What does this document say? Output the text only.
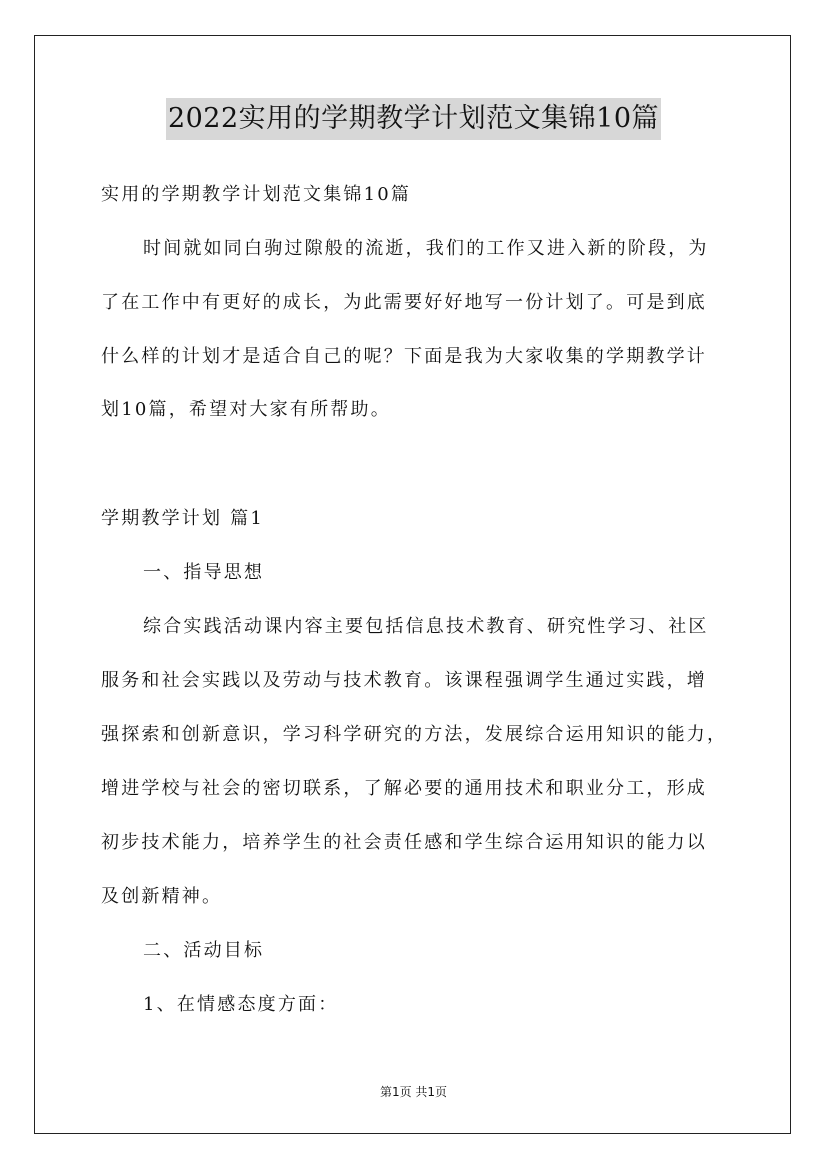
2022实用的学期教学计划范文集锦10篇
实用的学期教学计划范文集锦10篇
时间就如同白驹过隙般的流逝，我们的工作又进入新的阶段，为
了在工作中有更好的成长，为此需要好好地写一份计划了。可是到底
什么样的计划才是适合自己的呢？下面是我为大家收集的学期教学计
划10篇，希望对大家有所帮助。
学期教学计划 篇1
一、指导思想
综合实践活动课内容主要包括信息技术教育、研究性学习、社区
服务和社会实践以及劳动与技术教育。该课程强调学生通过实践，增
强探索和创新意识，学习科学研究的方法，发展综合运用知识的能力，
增进学校与社会的密切联系，了解必要的通用技术和职业分工，形成
初步技术能力，培养学生的社会责任感和学生综合运用知识的能力以
及创新精神。
二、活动目标
1、在情感态度方面：
第1页 共1页
